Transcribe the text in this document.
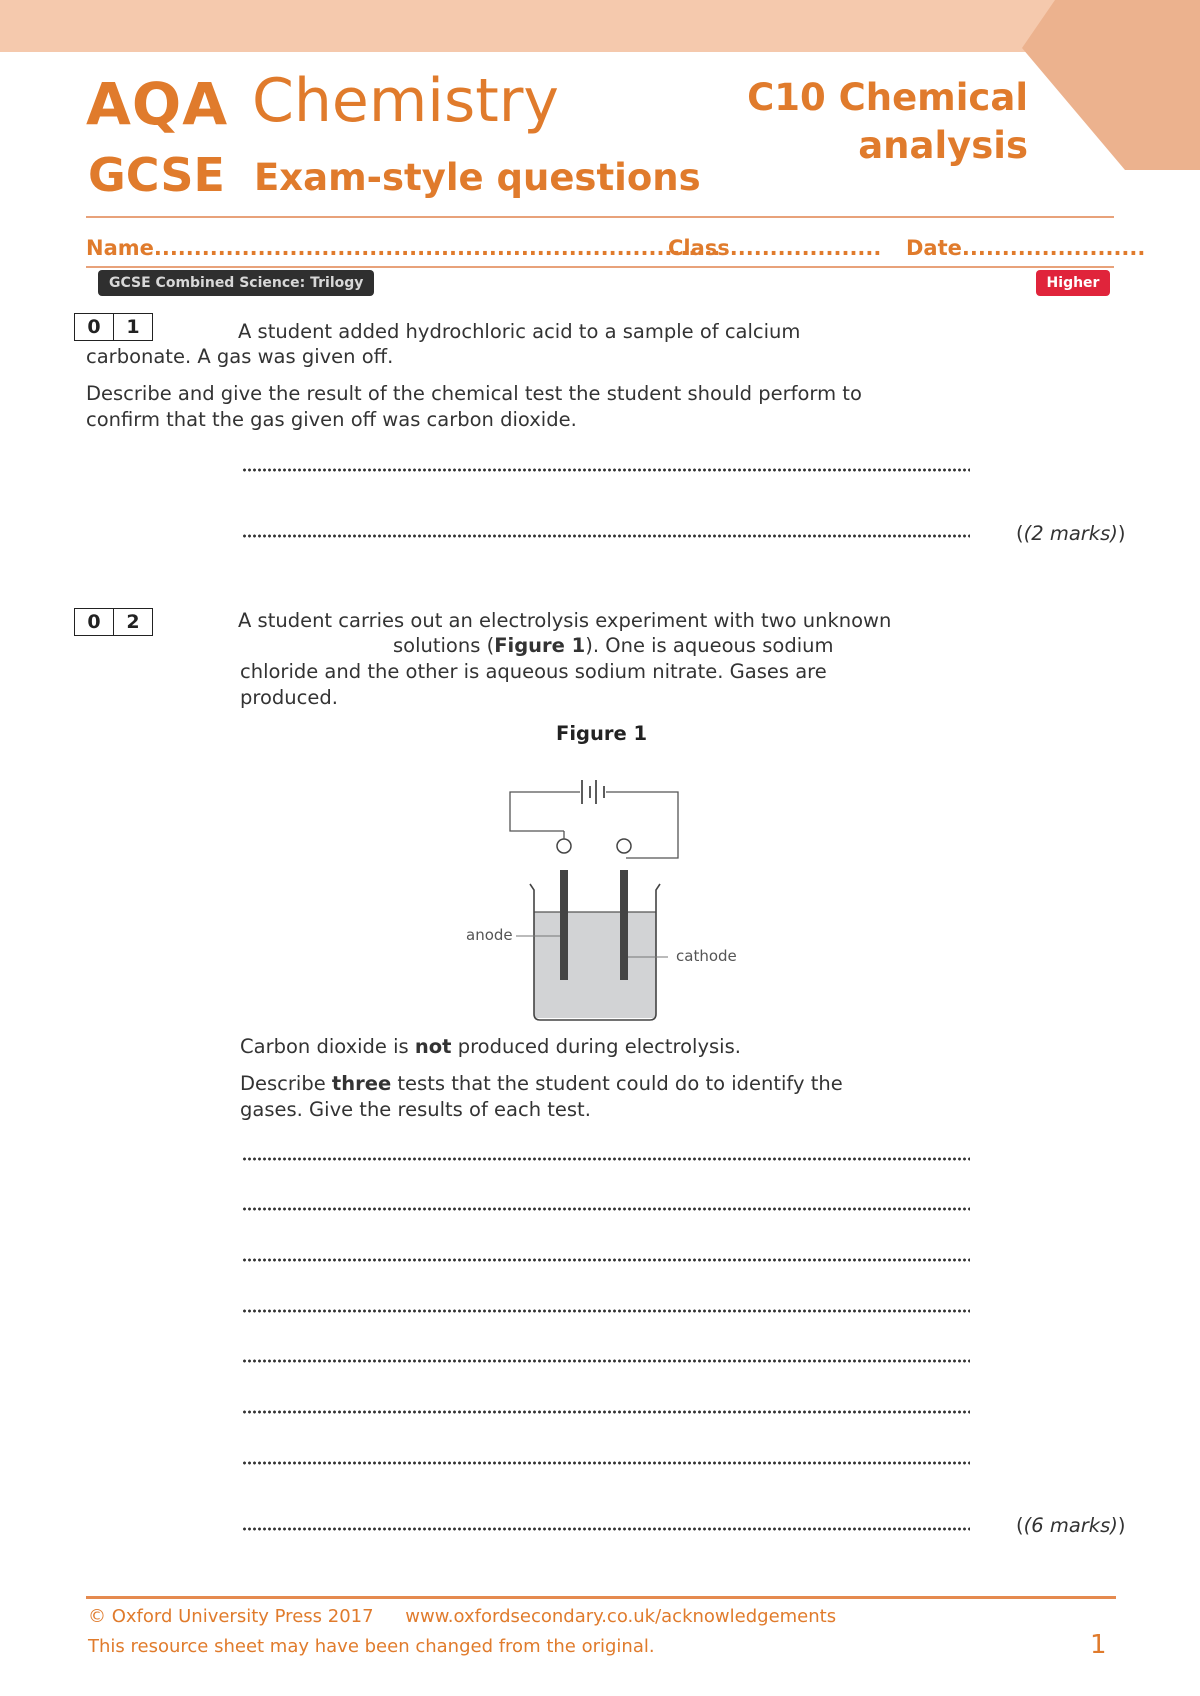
AQA Chemistry
GCSE Exam-style questions
C10 Chemical
analysis
Name.......................................................................
Class................... Date.......................
GCSE Combined Science: Trilogy	Higher
0	1	A student added hydrochloric acid to a sample of calcium
carbonate. A gas was given off.
Describe and give the result of the chemical test the student should perform to
confirm that the gas given off was carbon dioxide.
((2 marks))
0	2	A student carries out an electrolysis experiment with two unknown
solutions (Figure 1). One is aqueous sodium
chloride and the other is aqueous sodium nitrate. Gases are
produced.
Figure 1
anode
cathode
Carbon dioxide is not produced during electrolysis.
Describe three tests that the student could do to identify the
gases. Give the results of each test.
((6 marks))
© Oxford University Press 2017 www.oxfordsecondary.co.uk/acknowledgements
This resource sheet may have been changed from the original.	1
